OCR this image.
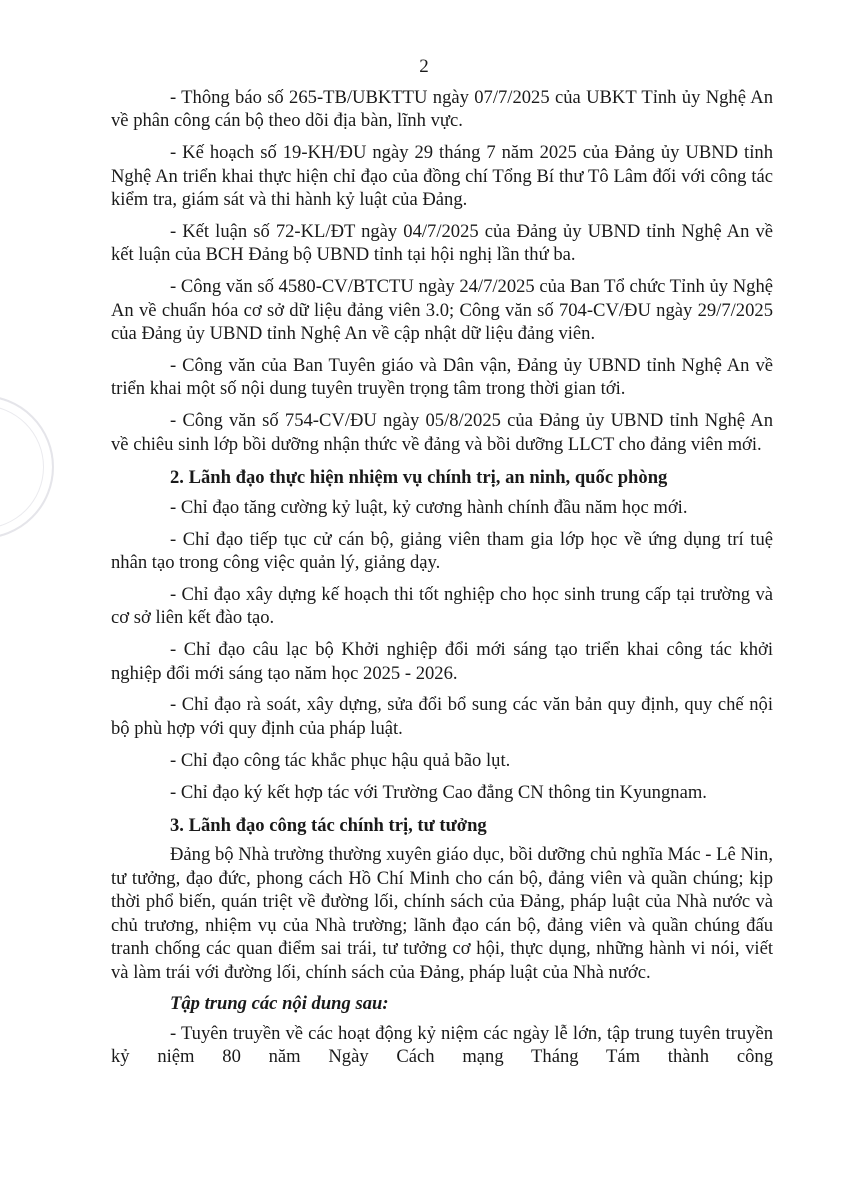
2

- Thông báo số 265-TB/UBKTTU ngày 07/7/2025 của UBKT Tỉnh ủy Nghệ An về phân công cán bộ theo dõi địa bàn, lĩnh vực.

- Kế hoạch số 19-KH/ĐU ngày 29 tháng 7 năm 2025 của Đảng ủy UBND tỉnh Nghệ An triển khai thực hiện chỉ đạo của đồng chí Tổng Bí thư Tô Lâm đối với công tác kiểm tra, giám sát và thi hành kỷ luật của Đảng.

- Kết luận số 72-KL/ĐT ngày 04/7/2025 của Đảng ủy UBND tỉnh Nghệ An về kết luận của BCH Đảng bộ UBND tỉnh tại hội nghị lần thứ ba.

- Công văn số 4580-CV/BTCTU ngày 24/7/2025 của Ban Tổ chức Tỉnh ủy Nghệ An về chuẩn hóa cơ sở dữ liệu đảng viên 3.0; Công văn số 704-CV/ĐU ngày 29/7/2025 của Đảng ủy UBND tỉnh Nghệ An về cập nhật dữ liệu đảng viên.

- Công văn của Ban Tuyên giáo và Dân vận, Đảng ủy UBND tỉnh Nghệ An về triển khai một số nội dung tuyên truyền trọng tâm trong thời gian tới.

- Công văn số 754-CV/ĐU ngày 05/8/2025 của Đảng ủy UBND tỉnh Nghệ An về chiêu sinh lớp bồi dưỡng nhận thức về đảng và bồi dưỡng LLCT cho đảng viên mới.

2. Lãnh đạo thực hiện nhiệm vụ chính trị, an ninh, quốc phòng

- Chỉ đạo tăng cường kỷ luật, kỷ cương hành chính đầu năm học mới.

- Chỉ đạo tiếp tục cử cán bộ, giảng viên tham gia lớp học về ứng dụng trí tuệ nhân tạo trong công việc quản lý, giảng dạy.

- Chỉ đạo xây dựng kế hoạch thi tốt nghiệp cho học sinh trung cấp tại trường và cơ sở liên kết đào tạo.

- Chỉ đạo câu lạc bộ Khởi nghiệp đổi mới sáng tạo triển khai công tác khởi nghiệp đổi mới sáng tạo năm học 2025 - 2026.

- Chỉ đạo rà soát, xây dựng, sửa đổi bổ sung các văn bản quy định, quy chế nội bộ phù hợp với quy định của pháp luật.

- Chỉ đạo công tác khắc phục hậu quả bão lụt.

- Chỉ đạo ký kết hợp tác với Trường Cao đẳng CN thông tin Kyungnam.

3. Lãnh đạo công tác chính trị, tư tưởng

Đảng bộ Nhà trường thường xuyên giáo dục, bồi dưỡng chủ nghĩa Mác - Lê Nin, tư tưởng, đạo đức, phong cách Hồ Chí Minh cho cán bộ, đảng viên và quần chúng; kịp thời phổ biến, quán triệt về đường lối, chính sách của Đảng, pháp luật của Nhà nước và chủ trương, nhiệm vụ của Nhà trường; lãnh đạo cán bộ, đảng viên và quần chúng đấu tranh chống các quan điểm sai trái, tư tưởng cơ hội, thực dụng, những hành vi nói, viết và làm trái với đường lối, chính sách của Đảng, pháp luật của Nhà nước.

Tập trung các nội dung sau:

- Tuyên truyền về các hoạt động kỷ niệm các ngày lễ lớn, tập trung tuyên truyền kỷ niệm 80 năm Ngày Cách mạng Tháng Tám thành công
